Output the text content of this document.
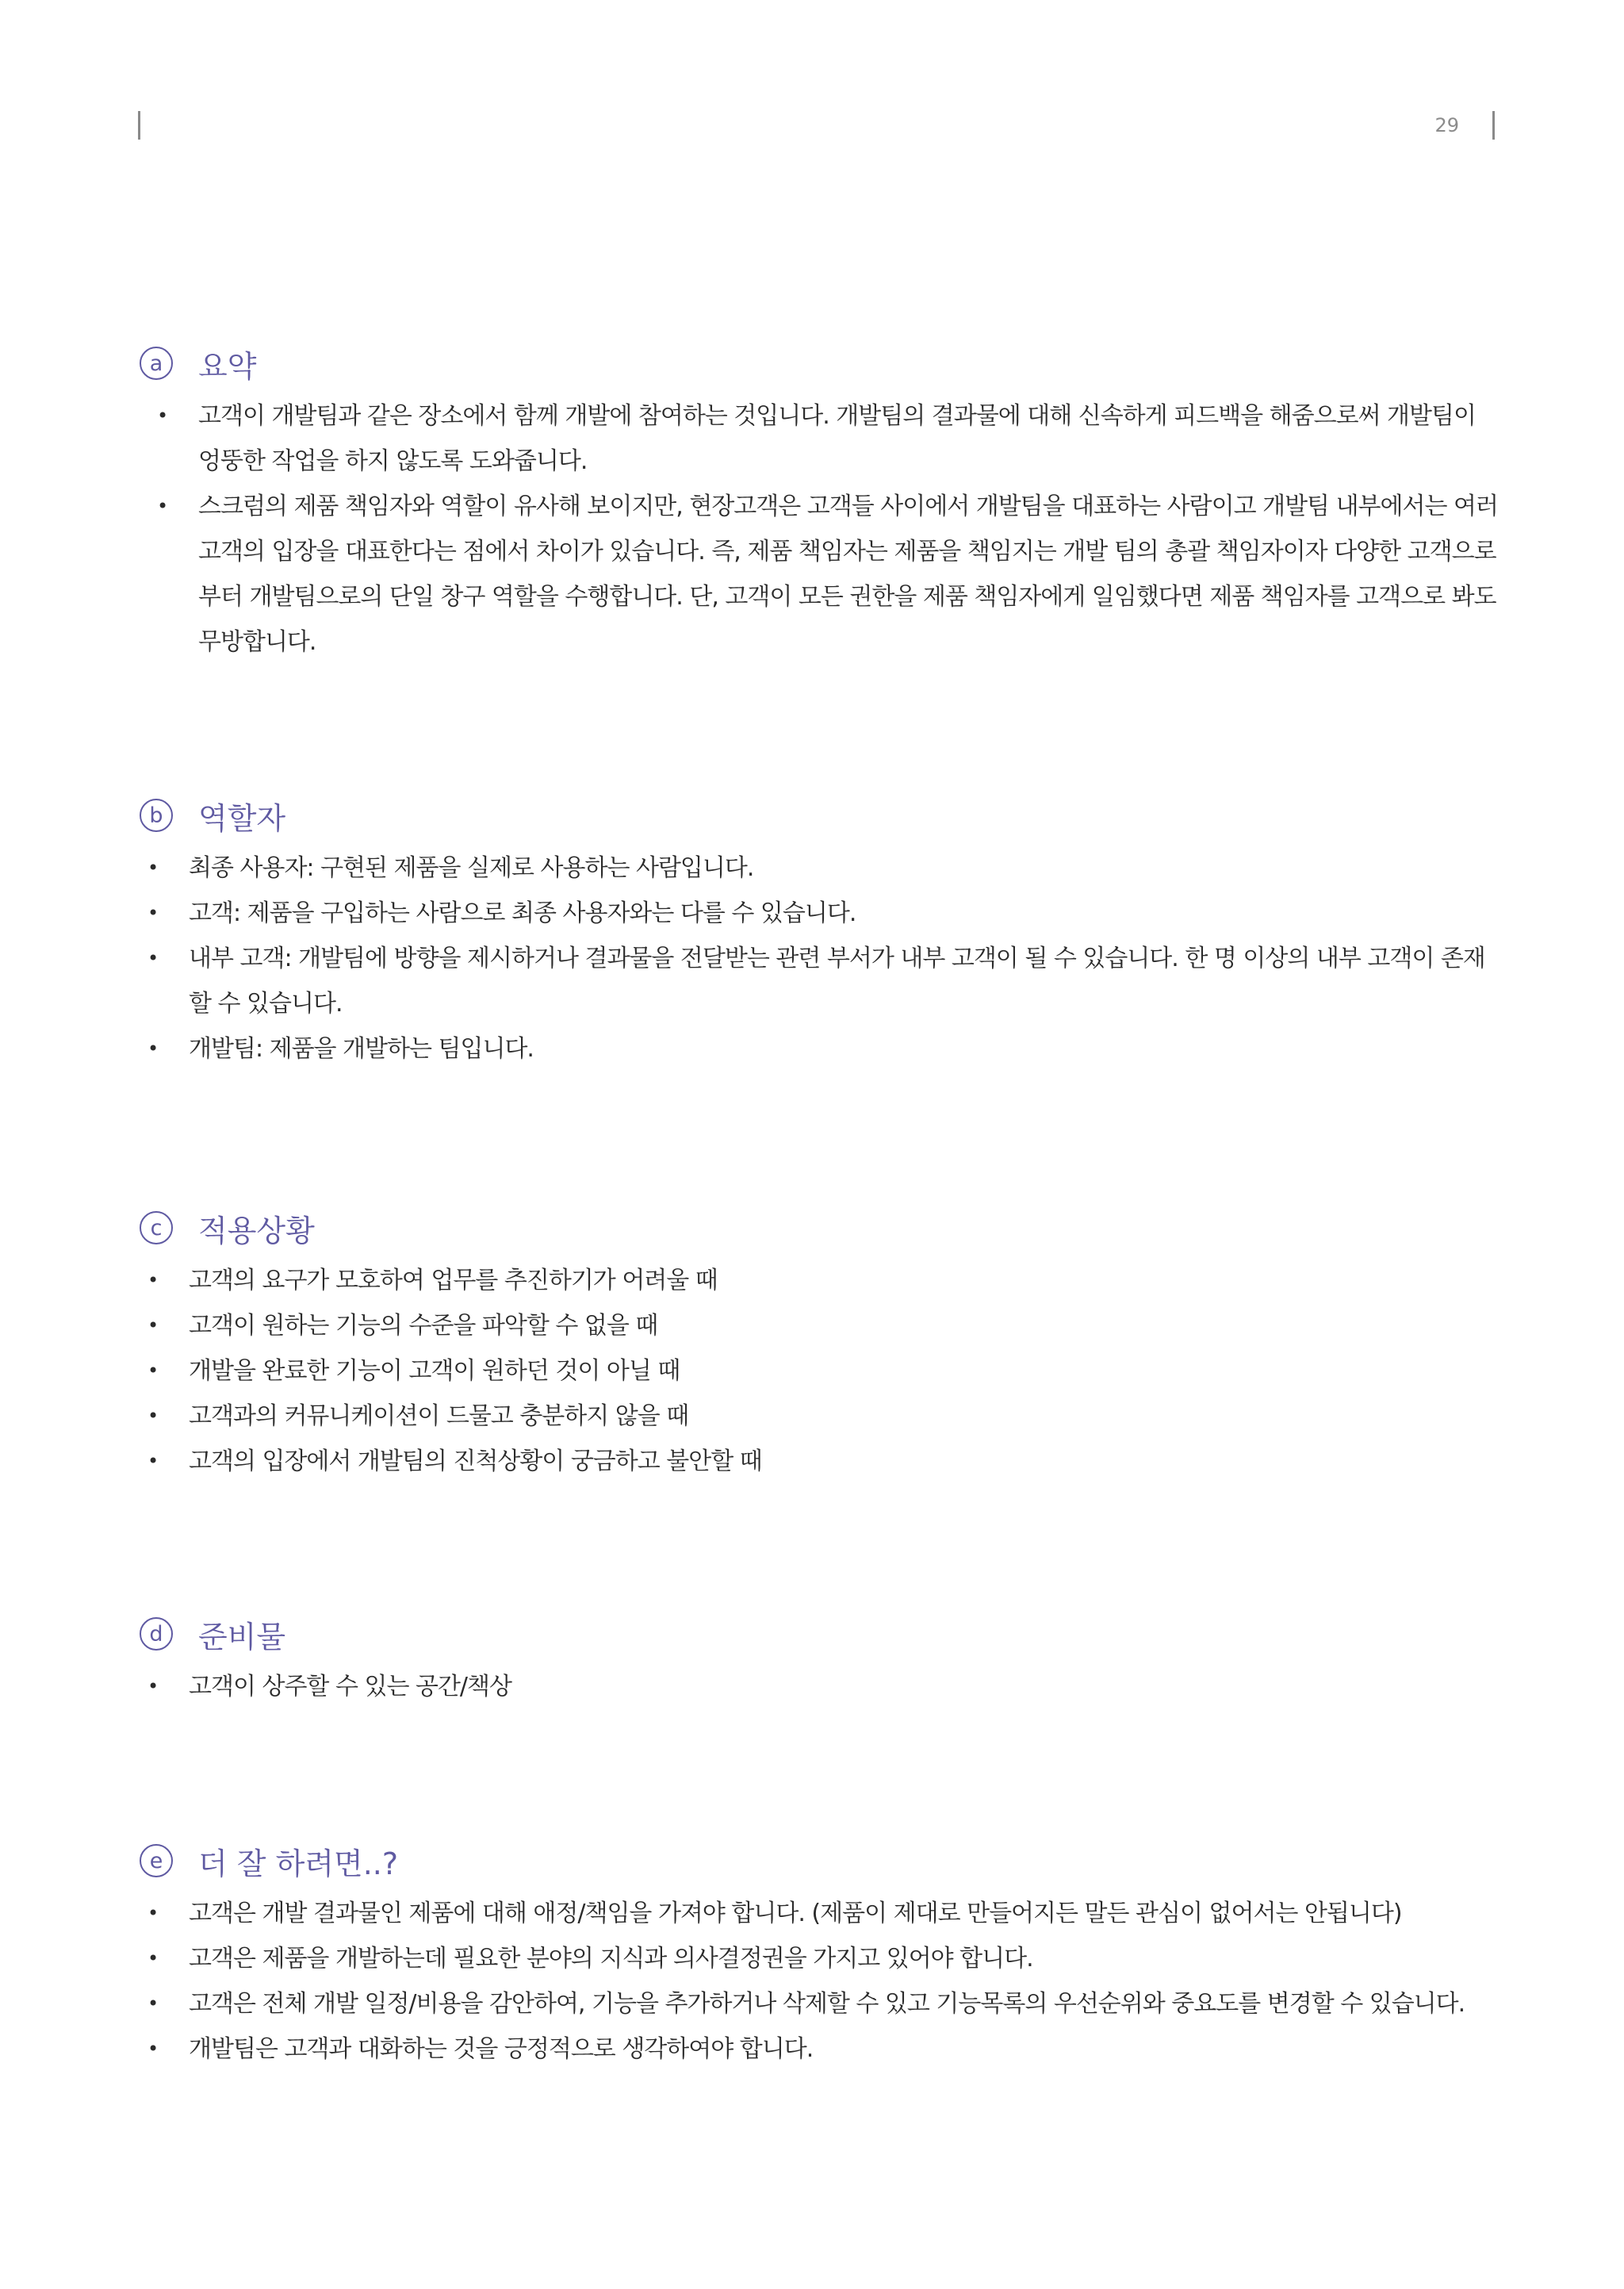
29
a	요약
• 고객이 개발팀과 같은 장소에서 함께 개발에 참여하는 것입니다. 개발팀의 결과물에 대해 신속하게 피드백을 해줌으로써 개발팀이 엉뚱한 작업을 하지 않도록 도와줍니다.
• 스크럼의 제품 책임자와 역할이 유사해 보이지만, 현장고객은 고객들 사이에서 개발팀을 대표하는 사람이고 개발팀 내부에서는 여러 고객의 입장을 대표한다는 점에서 차이가 있습니다. 즉, 제품 책임자는 제품을 책임지는 개발 팀의 총괄 책임자이자 다양한 고객으로부터 개발팀으로의 단일 창구 역할을 수행합니다. 단, 고객이 모든 권한을 제품 책임자에게 일임했다면 제품 책임자를 고객으로 봐도 무방합니다.
b	역할자
• 최종 사용자: 구현된 제품을 실제로 사용하는 사람입니다.
• 고객: 제품을 구입하는 사람으로 최종 사용자와는 다를 수 있습니다.
• 내부 고객: 개발팀에 방향을 제시하거나 결과물을 전달받는 관련 부서가 내부 고객이 될 수 있습니다. 한 명 이상의 내부 고객이 존재할 수 있습니다.
• 개발팀: 제품을 개발하는 팀입니다.
c	적용상황
• 고객의 요구가 모호하여 업무를 추진하기가 어려울 때
• 고객이 원하는 기능의 수준을 파악할 수 없을 때
• 개발을 완료한 기능이 고객이 원하던 것이 아닐 때
• 고객과의 커뮤니케이션이 드물고 충분하지 않을 때
• 고객의 입장에서 개발팀의 진척상황이 궁금하고 불안할 때
d	준비물
• 고객이 상주할 수 있는 공간/책상
e	더 잘 하려면..?
• 고객은 개발 결과물인 제품에 대해 애정/책임을 가져야 합니다. (제품이 제대로 만들어지든 말든 관심이 없어서는 안됩니다)
• 고객은 제품을 개발하는데 필요한 분야의 지식과 의사결정권을 가지고 있어야 합니다.
• 고객은 전체 개발 일정/비용을 감안하여, 기능을 추가하거나 삭제할 수 있고 기능목록의 우선순위와 중요도를 변경할 수 있습니다.
• 개발팀은 고객과 대화하는 것을 긍정적으로 생각하여야 합니다.
